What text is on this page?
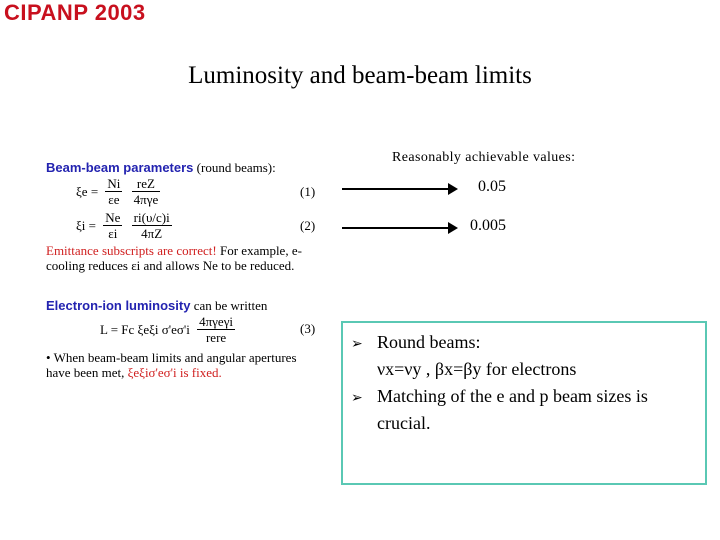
CIPANP 2003
Luminosity and beam-beam limits
Beam-beam parameters (round beams):
$\xi e = \frac{Ni}{\varepsilon e}$
$\frac{\text{reZ}}{\text{4πγe}}$	(1)
$\xi i = \frac{Ne}{\varepsilon i}$
$\frac{ri(\upsilon/c)i}{4\pi Z}$	(2)
Emittance subscripts are correct! For example, e-cooling reduces εi and allows Ne to be reduced.
Electron-ion luminosity can be written
L = Fc ξeξi $\sigma'e\sigma'i \frac{\text{4πγeγi}}{\text{rere}}$	(3)
• When beam-beam limits and angular apertures have been met, ξeξiσ'eσ'i is fixed.
Reasonably achievable values:
0.05
0.005
➢ Round beams:
νx=νy , βx=βy for electrons
➢ Matching of the e and p beam sizes is
crucial.
